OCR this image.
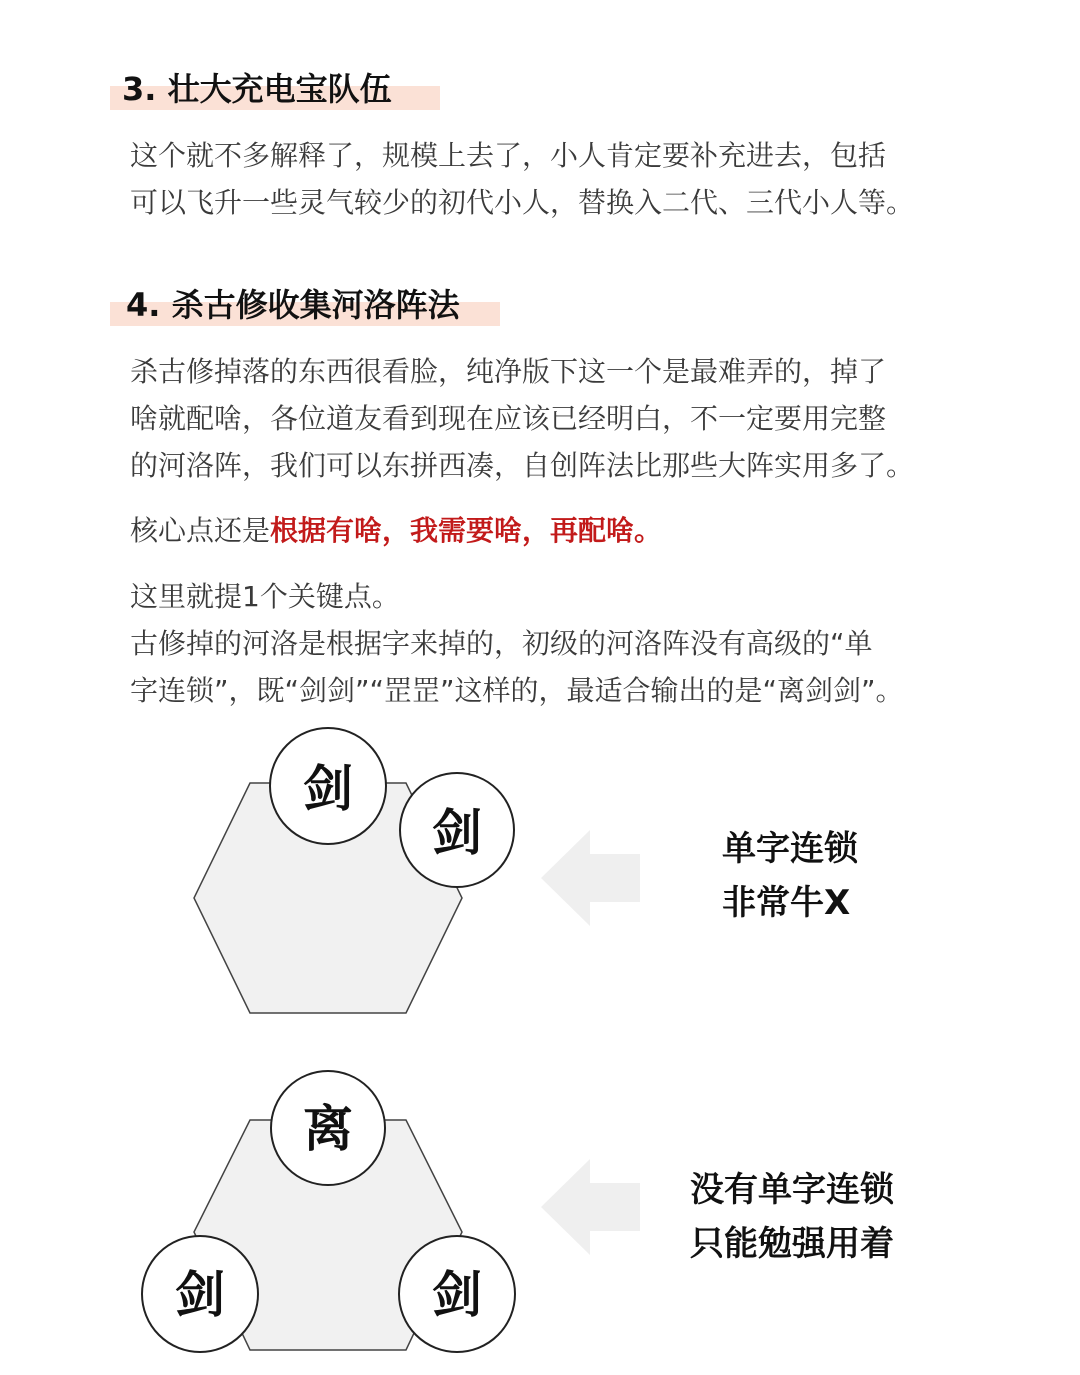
3. 壮大充电宝队伍

这个就不多解释了，规模上去了，小人肯定要补充进去，包括
可以飞升一些灵气较少的初代小人，替换入二代、三代小人等。

4. 杀古修收集河洛阵法

杀古修掉落的东西很看脸，纯净版下这一个是最难弄的，掉了
啥就配啥，各位道友看到现在应该已经明白，不一定要用完整
的河洛阵，我们可以东拼西凑，自创阵法比那些大阵实用多了。

核心点还是根据有啥，我需要啥，再配啥。

这里就提1个关键点。
古修掉的河洛是根据字来掉的，初级的河洛阵没有高级的“单
字连锁”，既“剑剑”“罡罡”这样的，最适合输出的是“离剑剑”。

剑
剑	单字连锁
非常牛X
离
剑	剑
没有单字连锁
只能勉强用着
